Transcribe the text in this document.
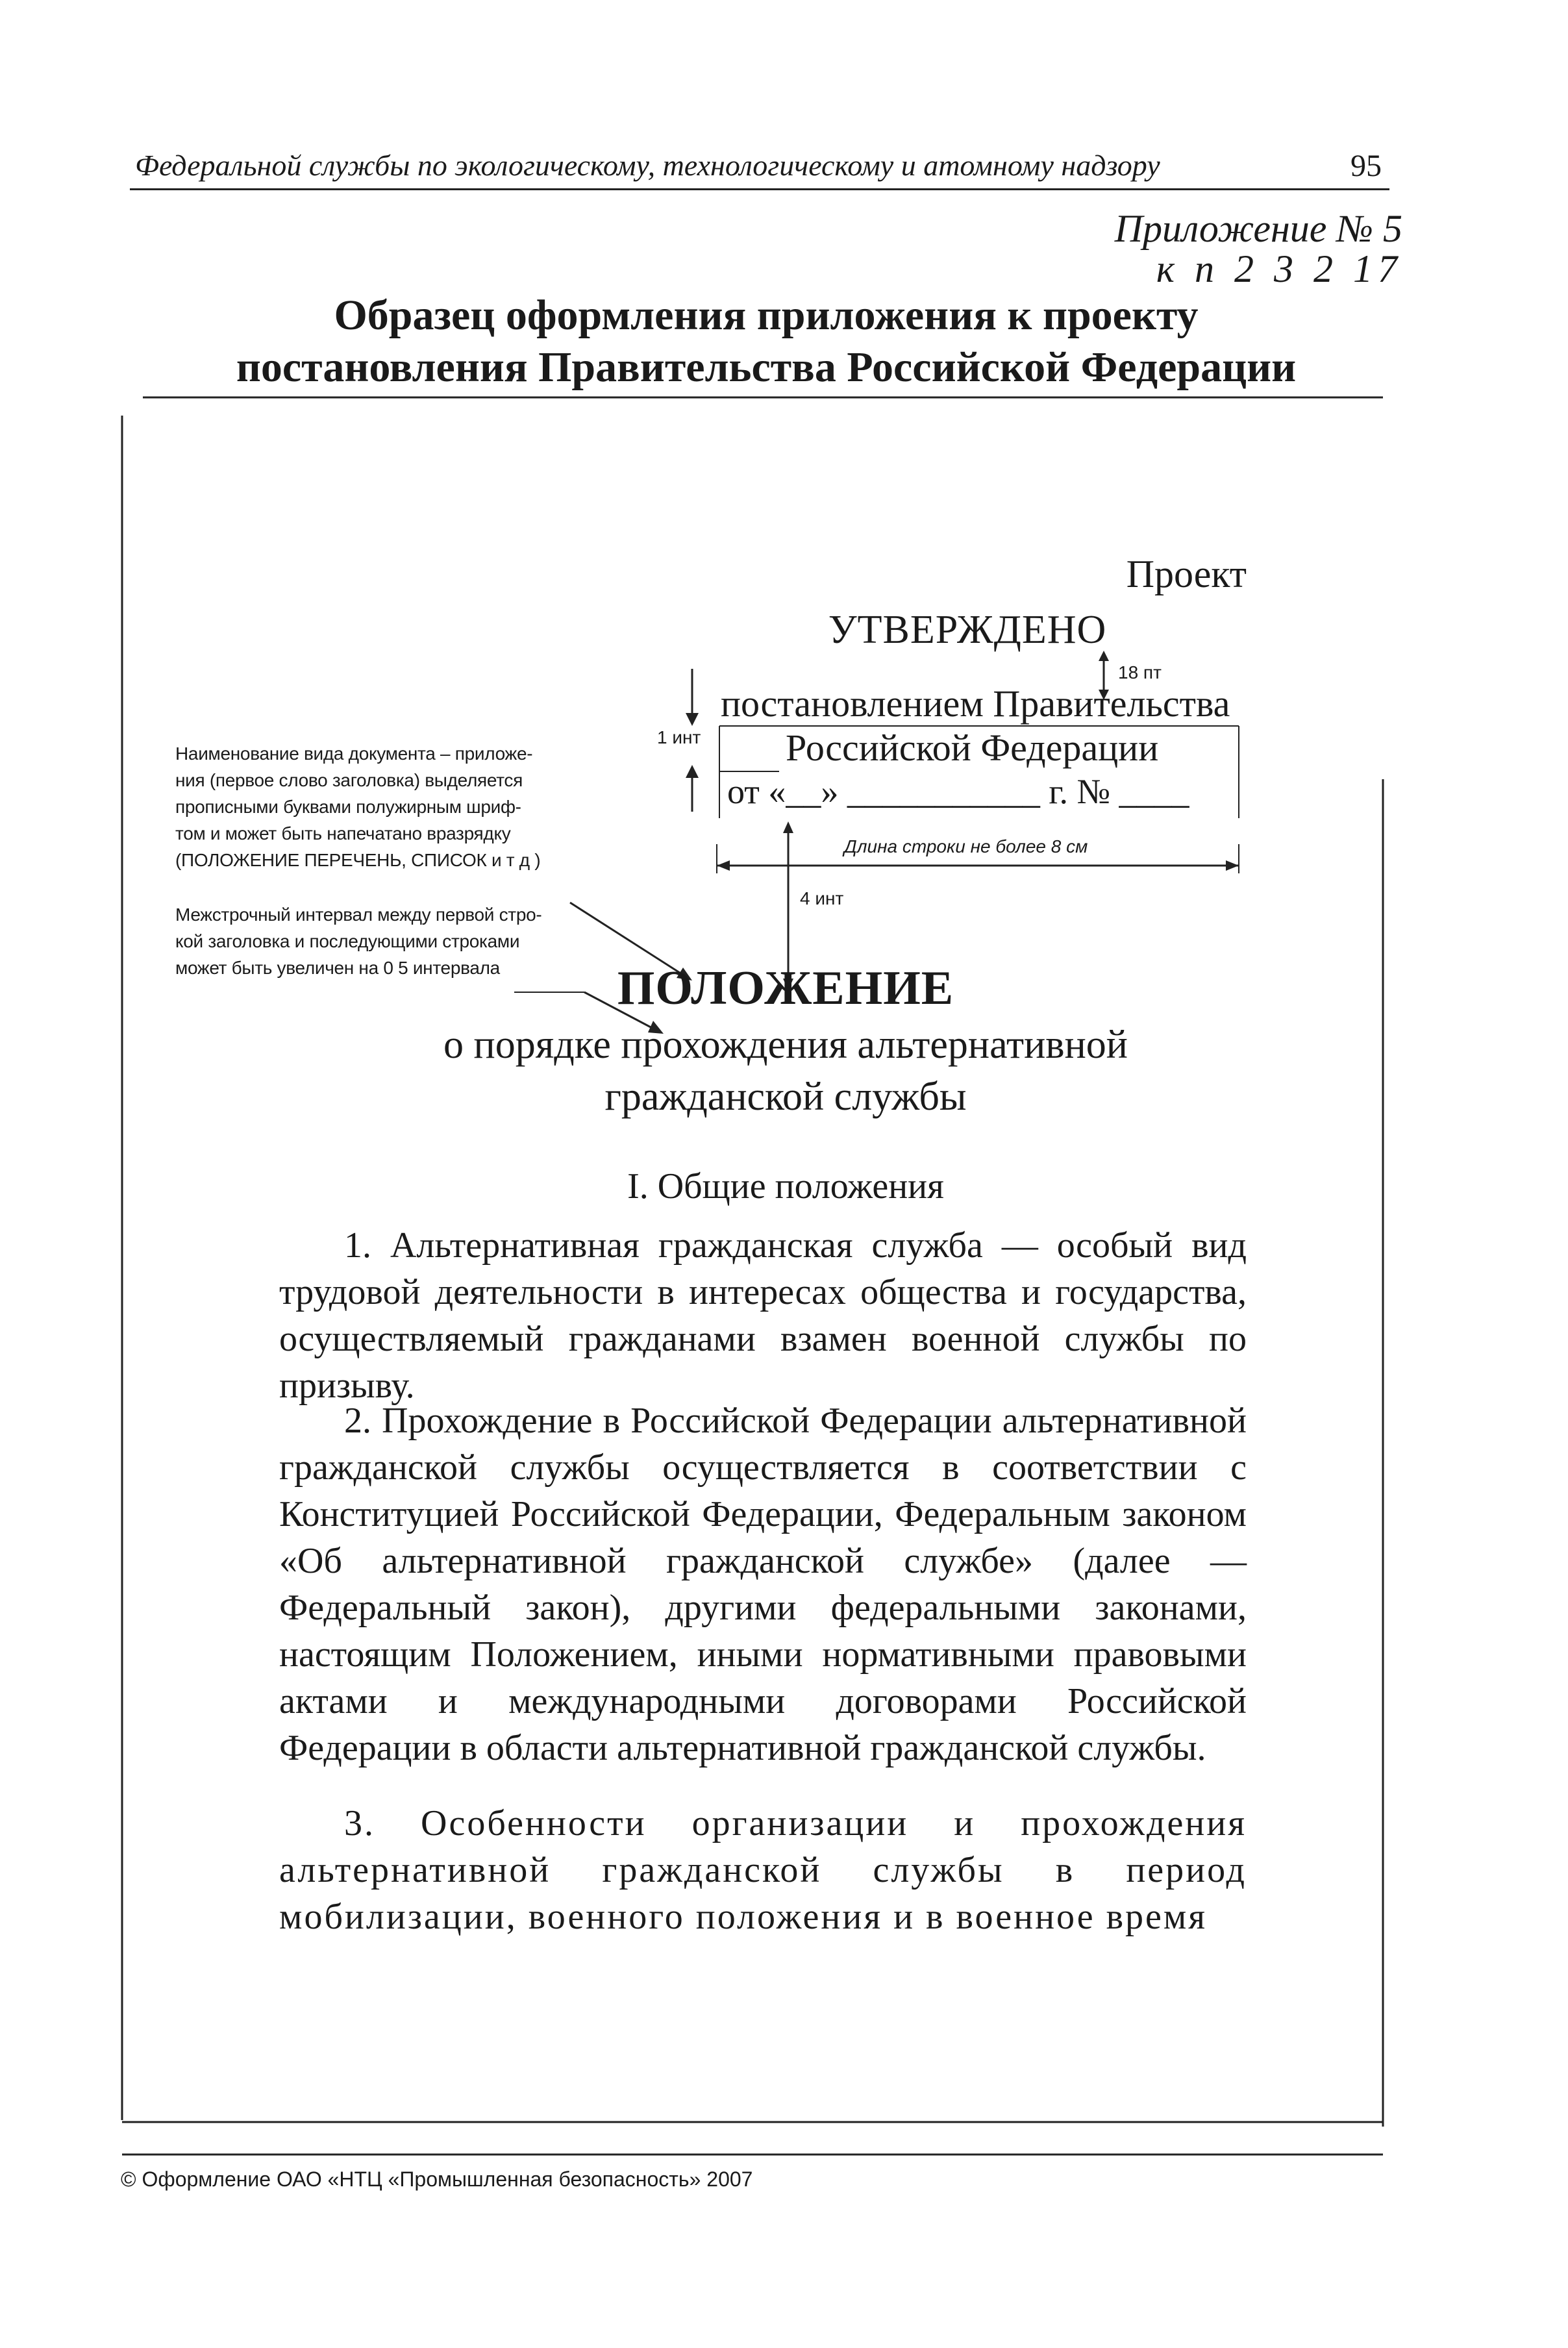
Федеральной службы по экологическому, технологическому и атомному надзору	95
Приложение № 5
к п 2 3 2 17
Образец оформления приложения к проекту
постановления Правительства Российской Федерации
Проект
УТВЕРЖДЕНО
18 пт
постановлением Правительства
Российской Федерации
от «__» ___________ г. № ____
1 инт
Длина строки не более 8 см
4 инт
Наименование вида документа – приложе-
ния (первое слово заголовка) выделяется
прописными буквами полужирным шриф-
том и может быть напечатано вразрядку
(ПОЛОЖЕНИЕ ПЕРЕЧЕНЬ, СПИСОК и т д )
Межстрочный интервал между первой стро-
кой заголовка и последующими строками
может быть увеличен на 0 5 интервала	ПОЛОЖЕНИЕ
о порядке прохождения альтернативной
гражданской службы
I. Общие положения
1. Альтернативная гражданская служба — особый вид трудовой деятельности в интересах общества и государства, осуществляемый гражданами взамен военной службы по призыву.
2. Прохождение в Российской Федерации альтернативной гражданской службы осуществляется в соответствии с Конституцией Российской Федерации, Федеральным законом «Об альтернативной гражданской службе» (далее — Федеральный закон), другими федеральными законами, настоящим Положением, иными нормативными правовыми актами и международными договорами Российской Федерации в области альтернативной гражданской службы.
3. Особенности организации и прохождения альтернативной гражданской службы в период мобилизации, военного положения и в военное время
© Оформление ОАО «НТЦ «Промышленная безопасность» 2007
